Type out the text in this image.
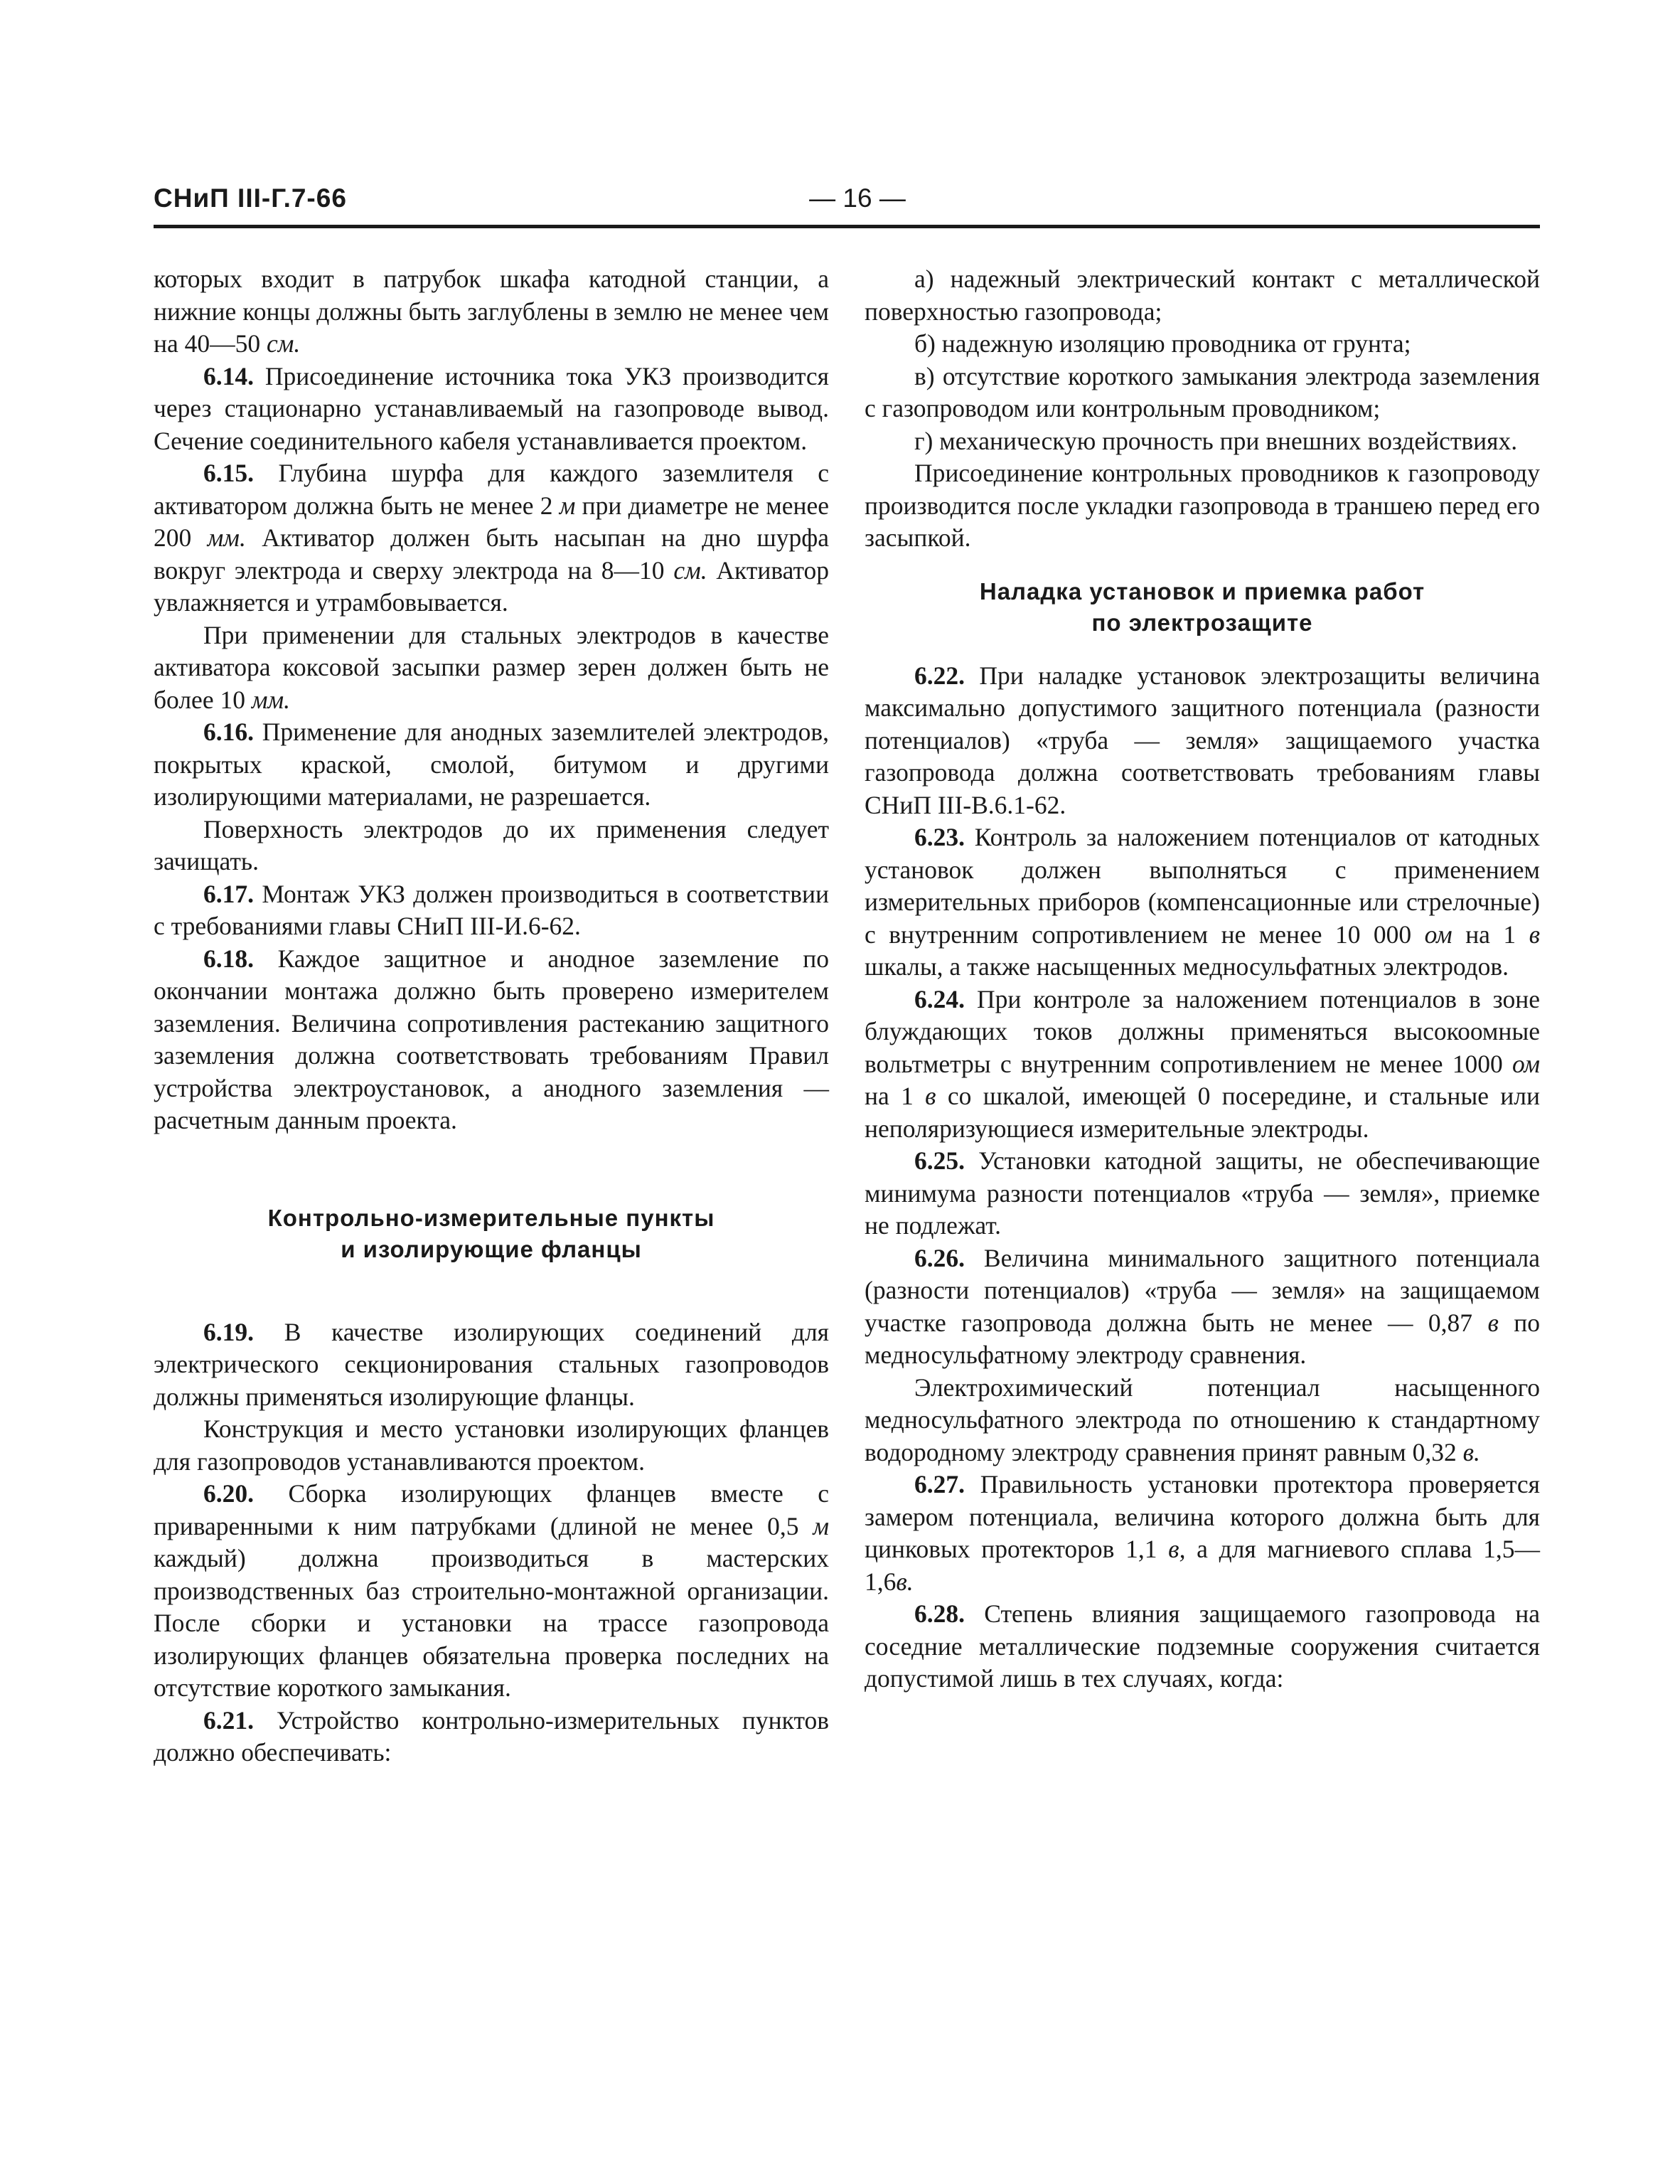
СНиП III-Г.7-66	— 16 —

которых входит в патрубок шкафа катодной станции, а нижние концы должны быть заглублены в землю не менее чем на 40—50 см.

6.14. Присоединение источника тока УКЗ производится через стационарно устанавливаемый на газопроводе вывод. Сечение соединительного кабеля устанавливается проектом.

6.15. Глубина шурфа для каждого заземлителя с активатором должна быть не менее 2 м при диаметре не менее 200 мм. Активатор должен быть насыпан на дно шурфа вокруг электрода и сверху электрода на 8—10 см. Активатор увлажняется и утрамбовывается.

При применении для стальных электродов в качестве активатора коксовой засыпки размер зерен должен быть не более 10 мм.

6.16. Применение для анодных заземлителей электродов, покрытых краской, смолой, битумом и другими изолирующими материалами, не разрешается.

Поверхность электродов до их применения следует зачищать.

6.17. Монтаж УКЗ должен производиться в соответствии с требованиями главы СНиП III-И.6-62.

6.18. Каждое защитное и анодное заземление по окончании монтажа должно быть проверено измерителем заземления. Величина сопротивления растеканию защитного заземления должна соответствовать требованиям Правил устройства электроустановок, а анодного заземления — расчетным данным проекта.

Контрольно-измерительные пункты
и изолирующие фланцы

6.19. В качестве изолирующих соединений для электрического секционирования стальных газопроводов должны применяться изолирующие фланцы.

Конструкция и место установки изолирующих фланцев для газопроводов устанавливаются проектом.

6.20. Сборка изолирующих фланцев вместе с приваренными к ним патрубками (длиной не менее 0,5 м каждый) должна производиться в мастерских производственных баз строительно-монтажной организации. После сборки и установки на трассе газопровода изолирующих фланцев обязательна проверка последних на отсутствие короткого замыкания.

6.21. Устройство контрольно-измерительных пунктов должно обеспечивать:

а) надежный электрический контакт с металлической поверхностью газопровода;

б) надежную изоляцию проводника от грунта;

в) отсутствие короткого замыкания электрода заземления с газопроводом или контрольным проводником;

г) механическую прочность при внешних воздействиях.

Присоединение контрольных проводников к газопроводу производится после укладки газопровода в траншею перед его засыпкой.

Наладка установок и приемка работ
по электрозащите

6.22. При наладке установок электрозащиты величина максимально допустимого защитного потенциала (разности потенциалов) «труба — земля» защищаемого участка газопровода должна соответствовать требованиям главы СНиП III-В.6.1-62.

6.23. Контроль за наложением потенциалов от катодных установок должен выполняться с применением измерительных приборов (компенсационные или стрелочные) с внутренним сопротивлением не менее 10 000 ом на 1 в шкалы, а также насыщенных медносульфатных электродов.

6.24. При контроле за наложением потенциалов в зоне блуждающих токов должны применяться высокоомные вольтметры с внутренним сопротивлением не менее 1000 ом на 1 в со шкалой, имеющей 0 посередине, и стальные или неполяризующиеся измерительные электроды.

6.25. Установки катодной защиты, не обеспечивающие минимума разности потенциалов «труба — земля», приемке не подлежат.

6.26. Величина минимального защитного потенциала (разности потенциалов) «труба — земля» на защищаемом участке газопровода должна быть не менее — 0,87 в по медносульфатному электроду сравнения.

Электрохимический потенциал насыщенного медносульфатного электрода по отношению к стандартному водородному электроду сравнения принят равным 0,32 в.

6.27. Правильность установки протектора проверяется замером потенциала, величина которого должна быть для цинковых протекторов 1,1 в, а для магниевого сплава 1,5—1,6в.

6.28. Степень влияния защищаемого газопровода на соседние металлические подземные сооружения считается допустимой лишь в тех случаях, когда:
